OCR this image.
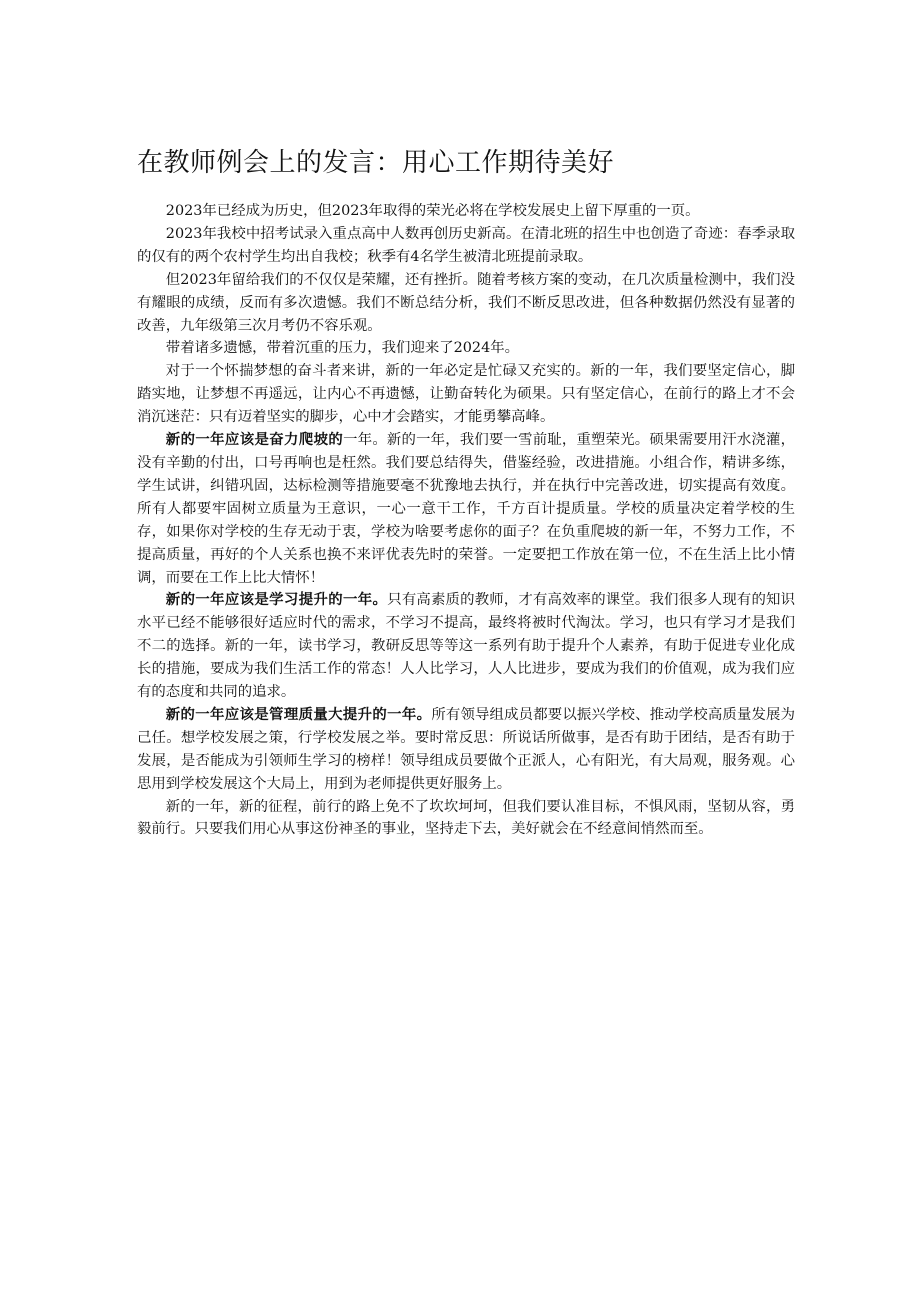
在教师例会上的发言：用心工作期待美好

2023年已经成为历史，但2023年取得的荣光必将在学校发展史上留下厚重的一页。

2023年我校中招考试录入重点高中人数再创历史新高。在清北班的招生中也创造了奇迹：春季录取的仅有的两个农村学生均出自我校；秋季有4名学生被清北班提前录取。

但2023年留给我们的不仅仅是荣耀，还有挫折。随着考核方案的变动，在几次质量检测中，我们没有耀眼的成绩，反而有多次遗憾。我们不断总结分析，我们不断反思改进，但各种数据仍然没有显著的改善，九年级第三次月考仍不容乐观。

带着诸多遗憾，带着沉重的压力，我们迎来了2024年。

对于一个怀揣梦想的奋斗者来讲，新的一年必定是忙碌又充实的。新的一年，我们要坚定信心，脚踏实地，让梦想不再遥远，让内心不再遗憾，让勤奋转化为硕果。只有坚定信心，在前行的路上才不会消沉迷茫：只有迈着坚实的脚步，心中才会踏实，才能勇攀高峰。

新的一年应该是奋力爬坡的一年。新的一年，我们要一雪前耻，重塑荣光。硕果需要用汗水浇灌，没有辛勤的付出，口号再响也是枉然。我们要总结得失，借鉴经验，改进措施。小组合作，精讲多练，学生试讲，纠错巩固，达标检测等措施要毫不犹豫地去执行，并在执行中完善改进，切实提高有效度。所有人都要牢固树立质量为王意识，一心一意干工作，千方百计提质量。学校的质量决定着学校的生存，如果你对学校的生存无动于衷，学校为啥要考虑你的面子？在负重爬坡的新一年，不努力工作，不提高质量，再好的个人关系也换不来评优表先时的荣誉。一定要把工作放在第一位，不在生活上比小情调，而要在工作上比大情怀！

新的一年应该是学习提升的一年。只有高素质的教师，才有高效率的课堂。我们很多人现有的知识水平已经不能够很好适应时代的需求，不学习不提高，最终将被时代淘汰。学习，也只有学习才是我们不二的选择。新的一年，读书学习，教研反思等等这一系列有助于提升个人素养，有助于促进专业化成长的措施，要成为我们生活工作的常态！人人比学习，人人比进步，要成为我们的价值观，成为我们应有的态度和共同的追求。

新的一年应该是管理质量大提升的一年。所有领导组成员都要以振兴学校、推动学校高质量发展为己任。想学校发展之策，行学校发展之举。要时常反思：所说话所做事，是否有助于团结，是否有助于发展，是否能成为引领师生学习的榜样！领导组成员要做个正派人，心有阳光，有大局观，服务观。心思用到学校发展这个大局上，用到为老师提供更好服务上。

新的一年，新的征程，前行的路上免不了坎坎坷坷，但我们要认准目标，不惧风雨，坚韧从容，勇毅前行。只要我们用心从事这份神圣的事业，坚持走下去，美好就会在不经意间悄然而至。
